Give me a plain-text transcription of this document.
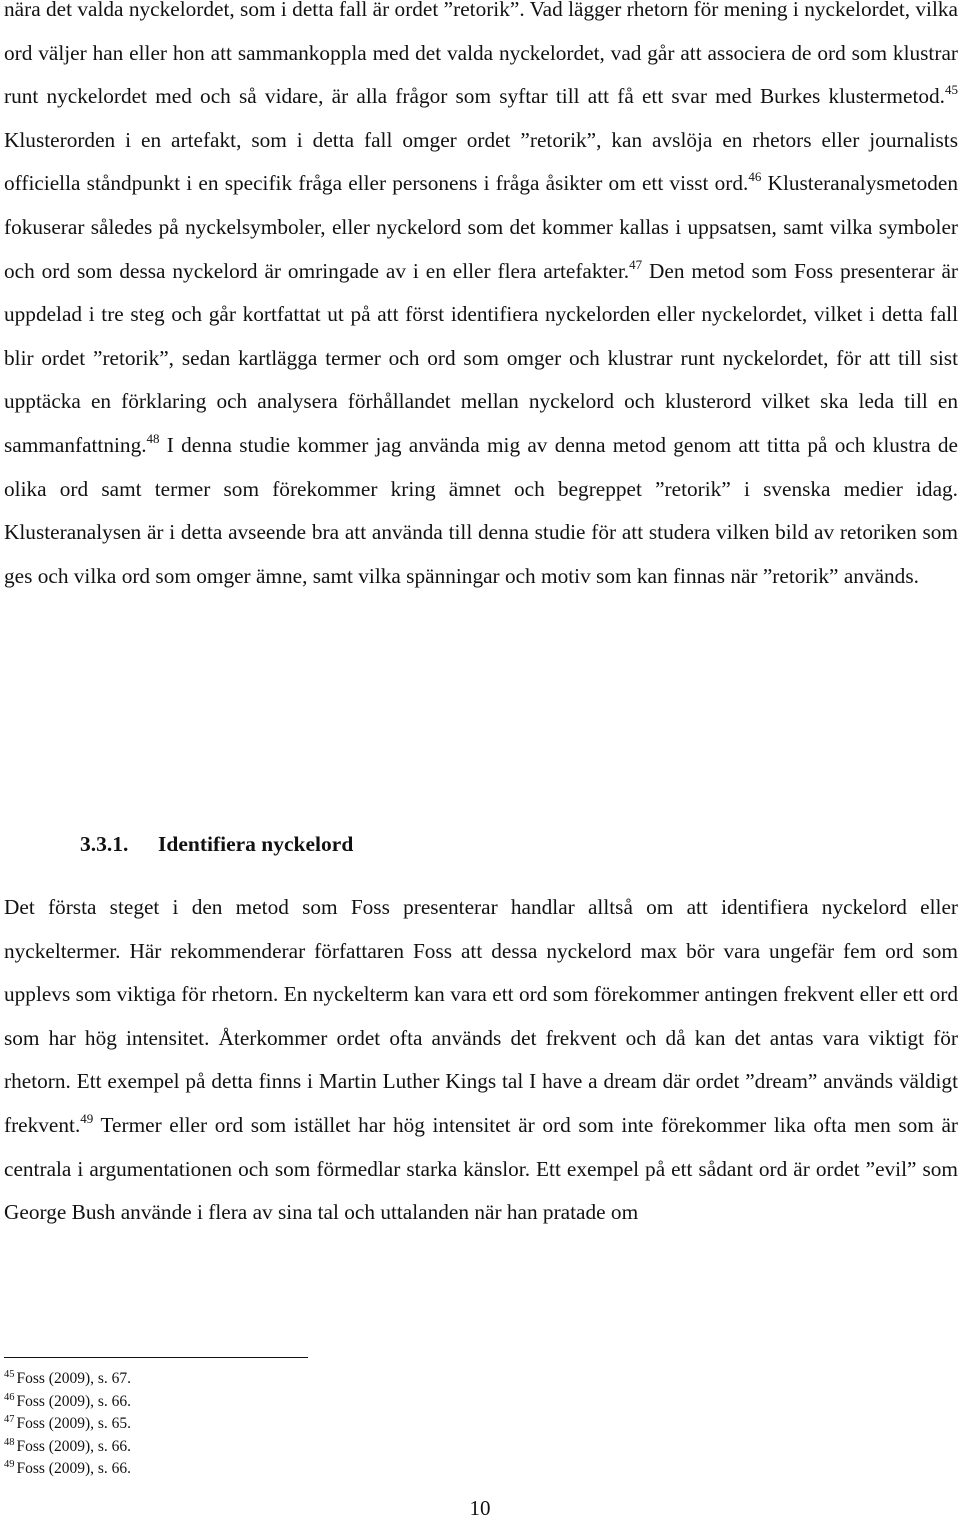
nära det valda nyckelordet, som i detta fall är ordet ”retorik”. Vad lägger rhetorn för mening i nyckelordet, vilka ord väljer han eller hon att sammankoppla med det valda nyckelordet, vad går att associera de ord som klustrar runt nyckelordet med och så vidare, är alla frågor som syftar till att få ett svar med Burkes klustermetod.$^{45}$ Klusterorden i en artefakt, som i detta fall omger ordet ”retorik”, kan avslöja en rhetors eller journalists officiella ståndpunkt i en specifik fråga eller personens i fråga åsikter om ett visst ord.$^{46}$ Klusteranalysmetoden fokuserar således på nyckelsymboler, eller nyckelord som det kommer kallas i uppsatsen, samt vilka symboler och ord som dessa nyckelord är omringade av i en eller flera artefakter.$^{47}$ Den metod som Foss presenterar är uppdelad i tre steg och går kortfattat ut på att först identifiera nyckelorden eller nyckelordet, vilket i detta fall blir ordet ”retorik”, sedan kartlägga termer och ord som omger och klustrar runt nyckelordet, för att till sist upptäcka en förklaring och analysera förhållandet mellan nyckelord och klusterord vilket ska leda till en sammanfattning.$^{48}$ I denna studie kommer jag använda mig av denna metod genom att titta på och klustra de olika ord samt termer som förekommer kring ämnet och begreppet ”retorik” i svenska medier idag. Klusteranalysen är i detta avseende bra att använda till denna studie för att studera vilken bild av retoriken som ges och vilka ord som omger ämne, samt vilka spänningar och motiv som kan finnas när ”retorik” används.

3.3.1. Identifiera nyckelord

Det första steget i den metod som Foss presenterar handlar alltså om att identifiera nyckelord eller nyckeltermer. Här rekommenderar författaren Foss att dessa nyckelord max bör vara ungefär fem ord som upplevs som viktiga för rhetorn. En nyckelterm kan vara ett ord som förekommer antingen frekvent eller ett ord som har hög intensitet. Återkommer ordet ofta används det frekvent och då kan det antas vara viktigt för rhetorn. Ett exempel på detta finns i Martin Luther Kings tal I have a dream där ordet ”dream” används väldigt frekvent.$^{49}$ Termer eller ord som istället har hög intensitet är ord som inte förekommer lika ofta men som är centrala i argumentationen och som förmedlar starka känslor. Ett exempel på ett sådant ord är ordet ”evil” som George Bush använde i flera av sina tal och uttalanden när han pratade om

$^{45}$ Foss (2009), s. 67.
$^{46}$ Foss (2009), s. 66.
$^{47}$ Foss (2009), s. 65.
$^{48}$ Foss (2009), s. 66.
$^{49}$ Foss (2009), s. 66.

10
